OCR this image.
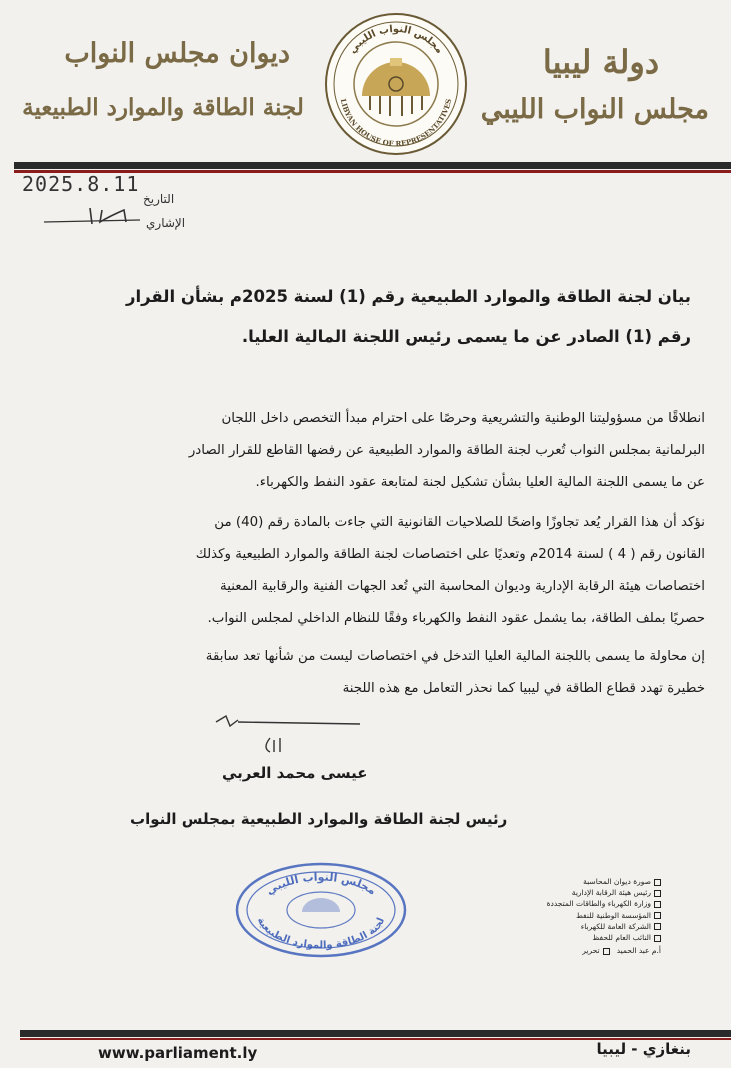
دولة ليبيا
مجلس النواب الليبي
ديوان مجلس النواب
لجنة الطاقة والموارد الطبيعية
مجلس النواب الليبي
LIBYAN HOUSE OF REPRESENTATIVES
التاريخ
2025.8.11
الإشاري
بيان لجنة الطاقة والموارد الطبيعية رقم (1) لسنة 2025م بشأن القرار
رقم (1) الصادر عن ما يسمى رئيس اللجنة المالية العليا.
انطلاقًا من مسؤوليتنا الوطنية والتشريعية وحرصًا على احترام مبدأ التخصص داخل اللجان
البرلمانية بمجلس النواب تُعرب لجنة الطاقة والموارد الطبيعية عن رفضها القاطع للقرار الصادر
عن ما يسمى اللجنة المالية العليا بشأن تشكيل لجنة لمتابعة عقود النفط والكهرباء.
نؤكد أن هذا القرار يُعد تجاوزًا واضحًا للصلاحيات القانونية التي جاءت بالمادة رقم (40) من
القانون رقم ( 4 ) لسنة 2014م وتعديًا على اختصاصات لجنة الطاقة والموارد الطبيعية وكذلك
اختصاصات هيئة الرقابة الإدارية وديوان المحاسبة التي تُعد الجهات الفنية والرقابية المعنية
حصريًا بملف الطاقة، بما يشمل عقود النفط والكهرباء وفقًا للنظام الداخلي لمجلس النواب.
إن محاولة ما يسمى باللجنة المالية العليا التدخل في اختصاصات ليست من شأنها تعد سابقة
خطيرة تهدد قطاع الطاقة في ليبيا كما نحذر التعامل مع هذه اللجنة
عيسى محمد العربي
رئيس لجنة الطاقة والموارد الطبيعية بمجلس النواب
مجلس النواب الليبي
لجنة الطاقة والموارد الطبيعية
صورة ديوان المحاسبة
رئيس هيئة الرقابة الإدارية
وزارة الكهرباء والطاقات المتجددة
المؤسسة الوطنية للنفط
الشركة العامة للكهرباء
النائب العام للحفظ
أ.م عبد الحميد   تحرير
www.parliament.ly	بنغازي - ليبيا
